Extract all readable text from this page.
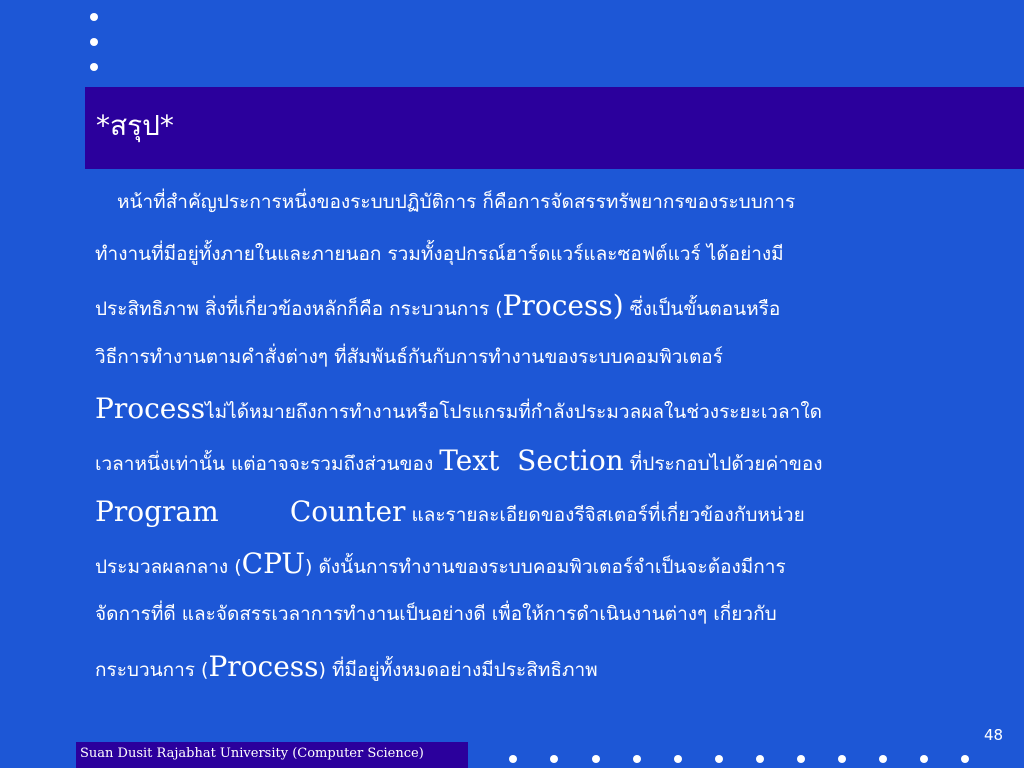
*สรุป*
หน้าที่สำคัญประการหนึ่งของระบบปฏิบัติการ ก็คือการจัดสรรทรัพยากรของระบบการ
ทำงานที่มีอยู่ทั้งภายในและภายนอก รวมทั้งอุปกรณ์ฮาร์ดแวร์และซอฟต์แวร์ ได้อย่างมี
ประสิทธิภาพ สิ่งที่เกี่ยวข้องหลักก็คือ กระบวนการ (Process) ซึ่งเป็นขั้นตอนหรือ
วิธีการทำงานตามคำสั่งต่างๆ ที่สัมพันธ์กันกับการทำงานของระบบคอมพิวเตอร์
Processไม่ได้หมายถึงการทำงานหรือโปรแกรมที่กำลังประมวลผลในช่วงระยะเวลาใด
เวลาหนึ่งเท่านั้น แต่อาจจะรวมถึงส่วนของ Text  Section ที่ประกอบไปด้วยค่าของ
Program        Counter และรายละเอียดของรีจิสเตอร์ที่เกี่ยวข้องกับหน่วย
ประมวลผลกลาง (CPU) ดังนั้นการทำงานของระบบคอมพิวเตอร์จำเป็นจะต้องมีการ
จัดการที่ดี และจัดสรรเวลาการทำงานเป็นอย่างดี เพื่อให้การดำเนินงานต่างๆ เกี่ยวกับ
กระบวนการ (Process) ที่มีอยู่ทั้งหมดอย่างมีประสิทธิภาพ
48
Suan Dusit Rajabhat University (Computer Science)
